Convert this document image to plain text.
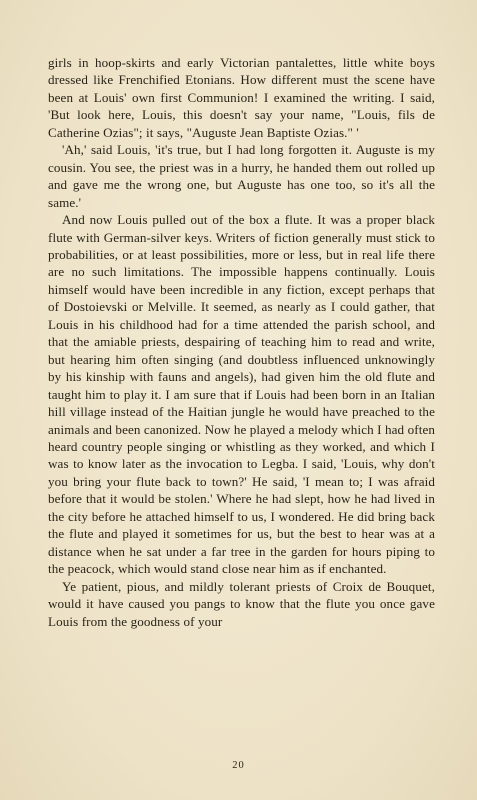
girls in hoop-skirts and early Victorian pantalettes, little white boys dressed like Frenchified Etonians. How different must the scene have been at Louis' own first Communion! I examined the writing. I said, 'But look here, Louis, this doesn't say your name, "Louis, fils de Catherine Ozias"; it says, "Auguste Jean Baptiste Ozias." '

'Ah,' said Louis, 'it's true, but I had long forgotten it. Auguste is my cousin. You see, the priest was in a hurry, he handed them out rolled up and gave me the wrong one, but Auguste has one too, so it's all the same.'

And now Louis pulled out of the box a flute. It was a proper black flute with German-silver keys. Writers of fiction generally must stick to probabilities, or at least possibilities, more or less, but in real life there are no such limitations. The impossible happens continually. Louis himself would have been incredible in any fiction, except perhaps that of Dostoievski or Melville. It seemed, as nearly as I could gather, that Louis in his childhood had for a time attended the parish school, and that the amiable priests, despairing of teaching him to read and write, but hearing him often singing (and doubtless influenced unknowingly by his kinship with fauns and angels), had given him the old flute and taught him to play it. I am sure that if Louis had been born in an Italian hill village instead of the Haitian jungle he would have preached to the animals and been canonized. Now he played a melody which I had often heard country people singing or whistling as they worked, and which I was to know later as the invocation to Legba. I said, 'Louis, why don't you bring your flute back to town?' He said, 'I mean to; I was afraid before that it would be stolen.' Where he had slept, how he had lived in the city before he attached himself to us, I wondered. He did bring back the flute and played it sometimes for us, but the best to hear was at a distance when he sat under a far tree in the garden for hours piping to the peacock, which would stand close near him as if enchanted.

Ye patient, pious, and mildly tolerant priests of Croix de Bouquet, would it have caused you pangs to know that the flute you once gave Louis from the goodness of your

20
